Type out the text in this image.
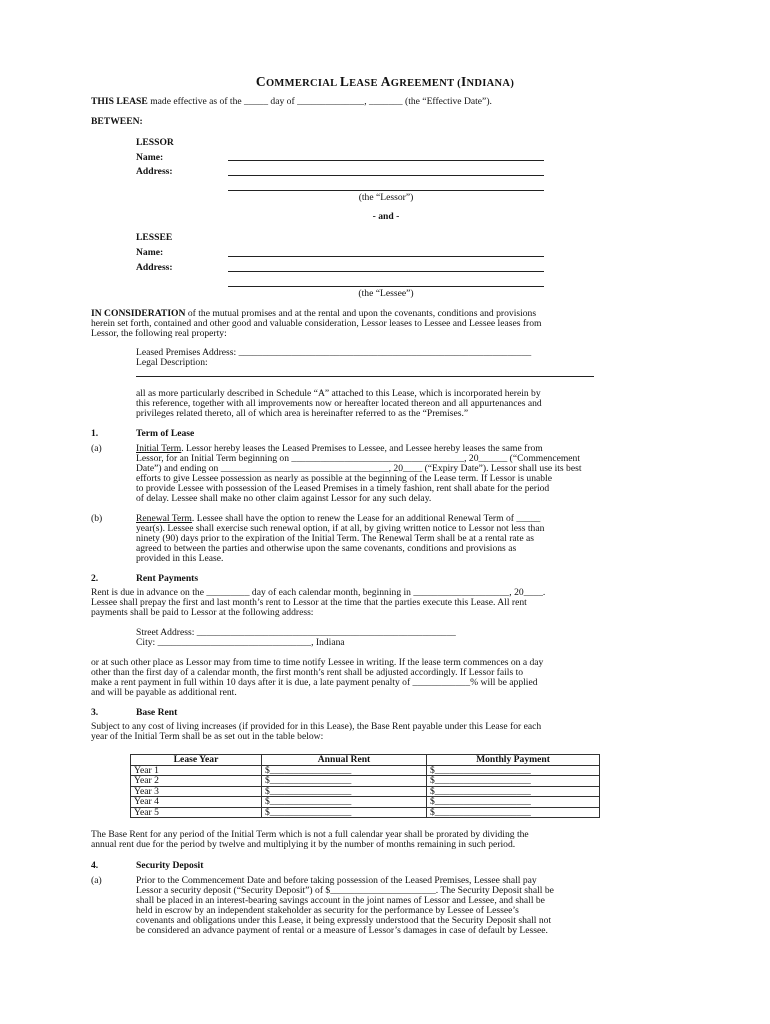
COMMERCIAL LEASE AGREEMENT (INDIANA)
THIS LEASE made effective as of the _____ day of ______________, _______ (the “Effective Date”).
BETWEEN:
LESSOR
Name:
Address:
(the “Lessor”)
- and -
LESSEE
Name:
Address:
(the “Lessee”)
IN CONSIDERATION of the mutual promises and at the rental and upon the covenants, conditions and provisions
herein set forth, contained and other good and valuable consideration, Lessor leases to Lessee and Lessee leases from
Lessor, the following real property:
Leased Premises Address: _____________________________________________________________
Legal Description:
all as more particularly described in Schedule “A” attached to this Lease, which is incorporated herein by
this reference, together with all improvements now or hereafter located thereon and all appurtenances and
privileges related thereto, all of which area is hereinafter referred to as the “Premises.”
1.	Term of Lease
(a)	Initial Term. Lessor hereby leases the Leased Premises to Lessee, and Lessee hereby leases the same from
Lessor, for an Initial Term beginning on ____________________________________, 20______ (“Commencement
Date”) and ending on ___________________________________, 20____ (“Expiry Date”). Lessor shall use its best
efforts to give Lessee possession as nearly as possible at the beginning of the Lease term. If Lessor is unable
to provide Lessee with possession of the Leased Premises in a timely fashion, rent shall abate for the period
of delay. Lessee shall make no other claim against Lessor for any such delay.
(b)	Renewal Term. Lessee shall have the option to renew the Lease for an additional Renewal Term of _____
year(s). Lessee shall exercise such renewal option, if at all, by giving written notice to Lessor not less than
ninety (90) days prior to the expiration of the Initial Term. The Renewal Term shall be at a rental rate as
agreed to between the parties and otherwise upon the same covenants, conditions and provisions as
provided in this Lease.
2.	Rent Payments
Rent is due in advance on the _________ day of each calendar month, beginning in ____________________, 20____.
Lessee shall prepay the first and last month’s rent to Lessor at the time that the parties execute this Lease. All rent
payments shall be paid to Lessor at the following address:
Street Address: ______________________________________________________
City: ________________________________, Indiana
or at such other place as Lessor may from time to time notify Lessee in writing. If the lease term commences on a day
other than the first day of a calendar month, the first month’s rent shall be adjusted accordingly. If Lessor fails to
make a rent payment in full within 10 days after it is due, a late payment penalty of ____________% will be applied
and will be payable as additional rent.
3.	Base Rent
Subject to any cost of living increases (if provided for in this Lease), the Base Rent payable under this Lease for each
year of the Initial Term shall be as set out in the table below:
Lease Year	Annual Rent	Monthly Payment
Year 1	$_________________	$____________________
Year 2	$_________________	$____________________
Year 3	$_________________	$____________________
Year 4	$_________________	$____________________
Year 5	$_________________	$____________________
The Base Rent for any period of the Initial Term which is not a full calendar year shall be prorated by dividing the
annual rent due for the period by twelve and multiplying it by the number of months remaining in such period.
4.	Security Deposit
(a)	Prior to the Commencement Date and before taking possession of the Leased Premises, Lessee shall pay
Lessor a security deposit (“Security Deposit”) of $______________________. The Security Deposit shall be
shall be placed in an interest-bearing savings account in the joint names of Lessor and Lessee, and shall be
held in escrow by an independent stakeholder as security for the performance by Lessee of Lessee’s
covenants and obligations under this Lease, it being expressly understood that the Security Deposit shall not
be considered an advance payment of rental or a measure of Lessor’s damages in case of default by Lessee.
